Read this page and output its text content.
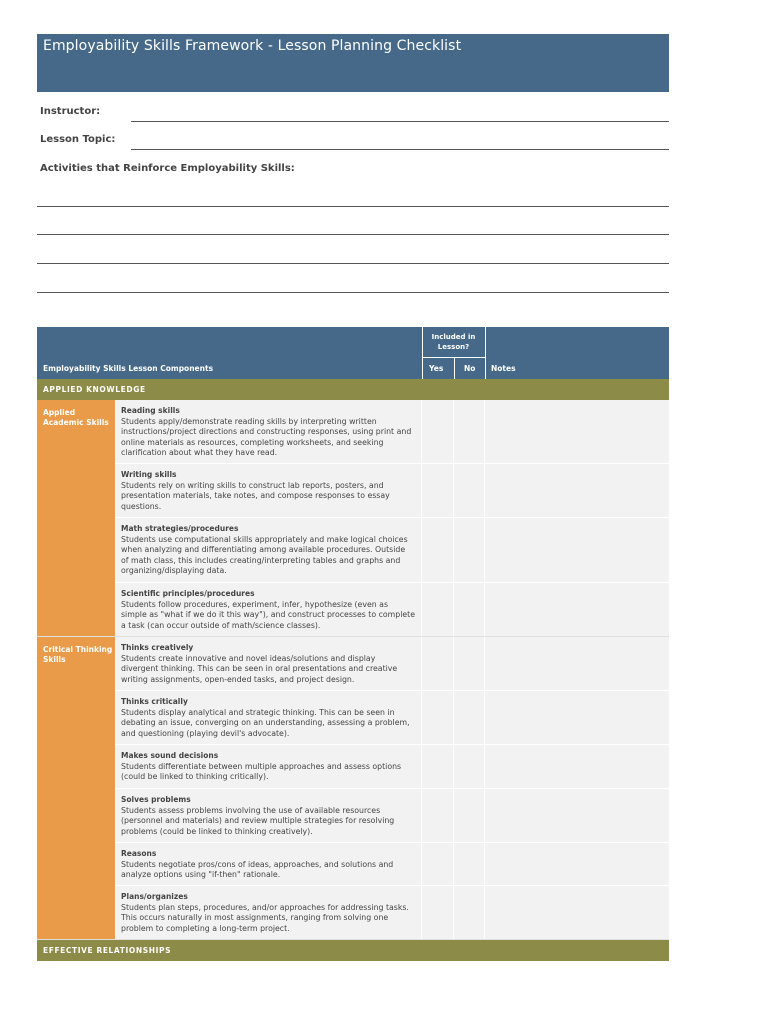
Employability Skills Framework - Lesson Planning Checklist
Instructor:
Lesson Topic:
Activities that Reinforce Employability Skills:
Employability Skills Lesson Components
Included in Lesson?
Yes	No Notes
APPLIED KNOWLEDGE
Applied Academic Skills
Reading skills
Students apply/demonstrate reading skills by interpreting written instructions/project directions and constructing responses, using print and online materials as resources, completing worksheets, and seeking clarification about what they have read.
Writing skills
Students rely on writing skills to construct lab reports, posters, and presentation materials, take notes, and compose responses to essay questions.
Math strategies/procedures
Students use computational skills appropriately and make logical choices when analyzing and differentiating among available procedures. Outside of math class, this includes creating/interpreting tables and graphs and organizing/displaying data.
Scientific principles/procedures
Students follow procedures, experiment, infer, hypothesize (even as simple as "what if we do it this way"), and construct processes to complete a task (can occur outside of math/science classes).
Critical Thinking Skills
Thinks creatively
Students create innovative and novel ideas/solutions and display divergent thinking. This can be seen in oral presentations and creative writing assignments, open-ended tasks, and project design.
Thinks critically
Students display analytical and strategic thinking. This can be seen in debating an issue, converging on an understanding, assessing a problem, and questioning (playing devil's advocate).
Makes sound decisions
Students differentiate between multiple approaches and assess options (could be linked to thinking critically).
Solves problems
Students assess problems involving the use of available resources (personnel and materials) and review multiple strategies for resolving problems (could be linked to thinking creatively).
Reasons
Students negotiate pros/cons of ideas, approaches, and solutions and analyze options using "if-then" rationale.
Plans/organizes
Students plan steps, procedures, and/or approaches for addressing tasks. This occurs naturally in most assignments, ranging from solving one problem to completing a long-term project.
EFFECTIVE RELATIONSHIPS
